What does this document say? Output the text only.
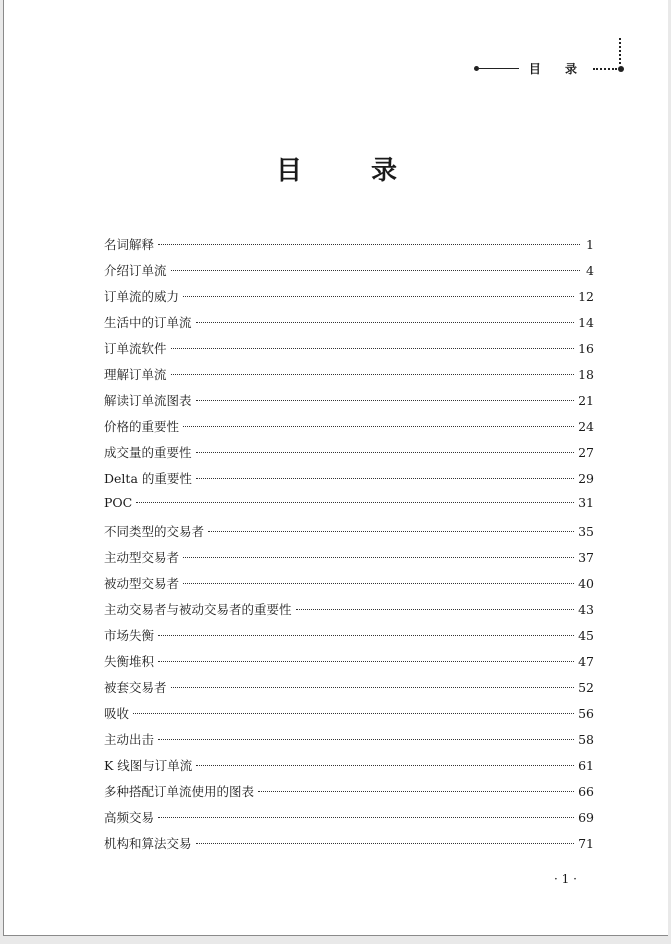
目 录
目 录
名词解释	1
介绍订单流	4
订单流的威力	12
生活中的订单流	14
订单流软件	16
理解订单流	18
解读订单流图表	21
价格的重要性	24
成交量的重要性	27
Delta 的重要性	29
POC	31
不同类型的交易者	35
主动型交易者	37
被动型交易者	40
主动交易者与被动交易者的重要性	43
市场失衡	45
失衡堆积	47
被套交易者	52
吸收	56
主动出击	58
K 线图与订单流	61
多种搭配订单流使用的图表	66
高频交易	69
机构和算法交易	71
· 1 ·
